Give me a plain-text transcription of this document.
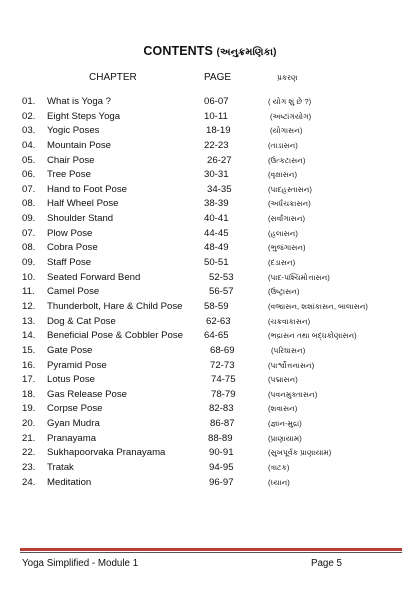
CONTENTS (અનુક્રમણિકા)
CHAPTER	PAGE	પ્રકરણ
01. What is Yoga ?	06-07	( યોગ શું છે ?)
02. Eight Steps Yoga	10-11	(અષ્ટાંગયોગ)
03. Yogic Poses	18-19	(યોગાસન)
04. Mountain Pose	22-23	(તાડાસન)
05. Chair Pose	26-27	(ઉત્કટાસન)
06. Tree Pose	30-31	(વૃક્ષાસન)
07. Hand to Foot Pose	34-35	(પાદહસ્તાસન)
08. Half Wheel Pose	38-39	(અર્ધચક્રાસન)
09. Shoulder Stand	40-41	(સર્વાંગાસન)
07. Plow Pose	44-45	(હલાસન)
08. Cobra Pose	48-49	(ભુજંગાસન)
09. Staff Pose	50-51	(દંડાસન)
10. Seated Forward Bend	52-53	(પાદ-પશ્ચિમોત્તાસન)
11. Camel Pose	56-57	(ઉષ્ટ્રાસન)
12. Thunderbolt, Hare & Child Pose 58-59	(વજ્રાસન, શશાંકાસન, બાલાસન)
13. Dog & Cat Pose	62-63	(ચક્રવાકાસન)
14. Beneficial Pose & Cobbler Pose 64-65	(ભદ્રાસન તથા બદ્ધકોણાસન)
15. Gate Pose	68-69	(પરિઘાસન)
16. Pyramid Pose	72-73	(પાર્શ્વોત્તનાસન)
17. Lotus Pose	74-75	(પદ્માસન)
18. Gas Release Pose	78-79	(પવનમુક્તાસન)
19. Corpse Pose	82-83	(શવાસન)
20. Gyan Mudra	86-87	(જ્ઞાન-મુદ્રા)
21. Pranayama	88-89	(પ્રાણાયામ)
22. Sukhapoorvaka Pranayama	90-91	(સુખપૂર્વક પ્રાણાયામ)
23. Tratak	94-95	(ત્રાટક)
24. Meditation	96-97	(ધ્યાન)
Yoga Simplified - Module 1	Page 5
